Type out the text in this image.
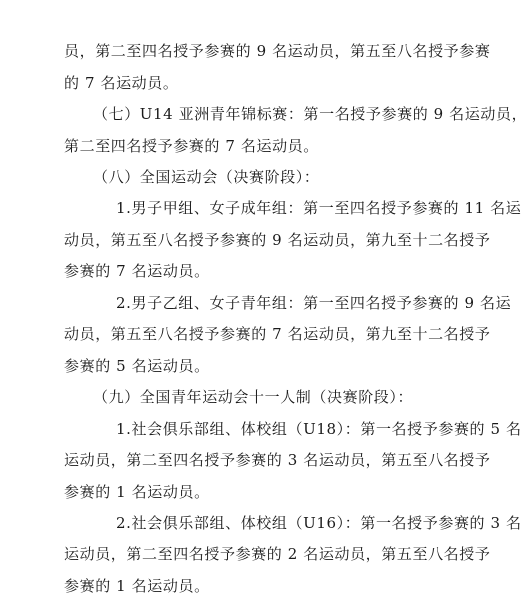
员，第二至四名授予参赛的 9 名运动员，第五至八名授予参赛
的 7 名运动员。
（七）U14 亚洲青年锦标赛：第一名授予参赛的 9 名运动员，
第二至四名授予参赛的 7 名运动员。
（八）全国运动会（决赛阶段）：
1.男子甲组、女子成年组：第一至四名授予参赛的 11 名运
动员，第五至八名授予参赛的 9 名运动员，第九至十二名授予
参赛的 7 名运动员。
2.男子乙组、女子青年组：第一至四名授予参赛的 9 名运
动员，第五至八名授予参赛的 7 名运动员，第九至十二名授予
参赛的 5 名运动员。
（九）全国青年运动会十一人制（决赛阶段）：
1.社会俱乐部组、体校组（U18）：第一名授予参赛的 5 名
运动员，第二至四名授予参赛的 3 名运动员，第五至八名授予
参赛的 1 名运动员。
2.社会俱乐部组、体校组（U16）：第一名授予参赛的 3 名
运动员，第二至四名授予参赛的 2 名运动员，第五至八名授予
参赛的 1 名运动员。
